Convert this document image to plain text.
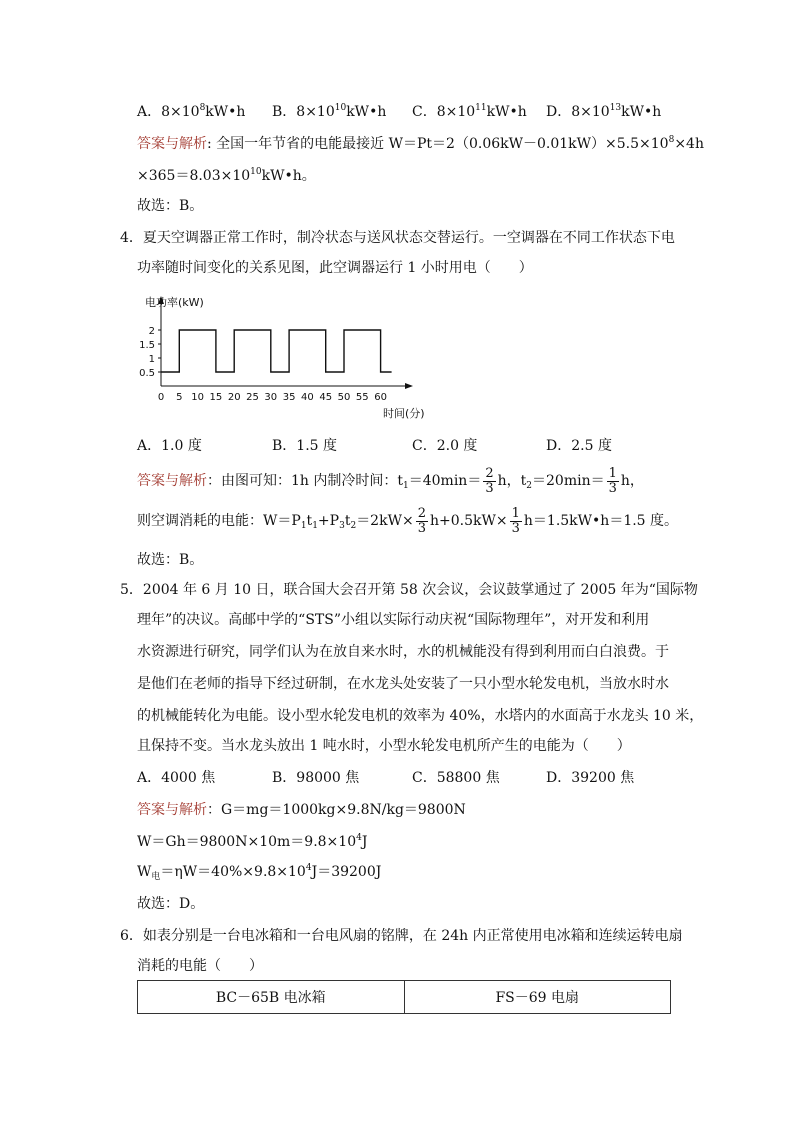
A．$8\times 10^8kW•h$ B．$8\times 10^{10}kW•h$ C．$8\times 10^{11}kW•h$ D．$8\times 10^{13}kW•h$
答案与解析: 全国一年节省的电能最接近 $W=Pt=2(0.06kW-0.01kW)\times 5.5\times 10^8\times 4h$
$\times 365=8.03\times 10^{10}kW•h$。
故选：B。
4．夏天空调器正常工作时，制冷状态与送风状态交替运行。一空调器在不同工作状态下电
功率随时间变化的关系见图，此空调器运行 1 小时用电（　　）
0 5 10 15 20 25 30 35 40 45 50 55 60
0.5
1
1.5
2
电功率(kW)
时间(分)
A．1.0 度	B．1.5 度	C．2.0 度	D．2.5 度
答案与解析：由图可知：1h 内制冷时间：$t_1=40\min= \frac{2}{3}$ h，$t_2=20\min= \frac{1}{3}$ h，
则空调消耗的电能：$W=P_1t_1+P_3t_2=2kW\times \frac{2}{3} h+0.5kW\times \frac{1}{3}$ h＝1.5kW•h＝1.5 度。
故选：B。
5．2004 年 6 月 10 日，联合国大会召开第 58 次会议，会议鼓掌通过了 2005 年为“国际物
理年”的决议。高邮中学的“STS”小组以实际行动庆祝“国际物理年”，对开发和利用
水资源进行研究，同学们认为在放自来水时，水的机械能没有得到利用而白白浪费。于
是他们在老师的指导下经过研制，在水龙头处安装了一只小型水轮发电机，当放水时水
的机械能转化为电能。设小型水轮发电机的效率为 40%，水塔内的水面高于水龙头 10 米，
且保持不变。当水龙头放出 1 吨水时，小型水轮发电机所产生的电能为（　　）
A．4000 焦	B．98000 焦	C．58800 焦	D．39200 焦
答案与解析：G＝mg＝1000kg×9.8N/kg＝9800N
$W=Gh=9800N\times 10m=9.8\times 10^4J$
$W_电=\eta W=40\%\times 9.8\times 10^4J=39200J$
故选：D。
6．如表分别是一台电冰箱和一台电风扇的铭牌，在 24h 内正常使用电冰箱和连续运转电扇
消耗的电能（　　）
BC－65B 电冰箱	FS－69 电扇
